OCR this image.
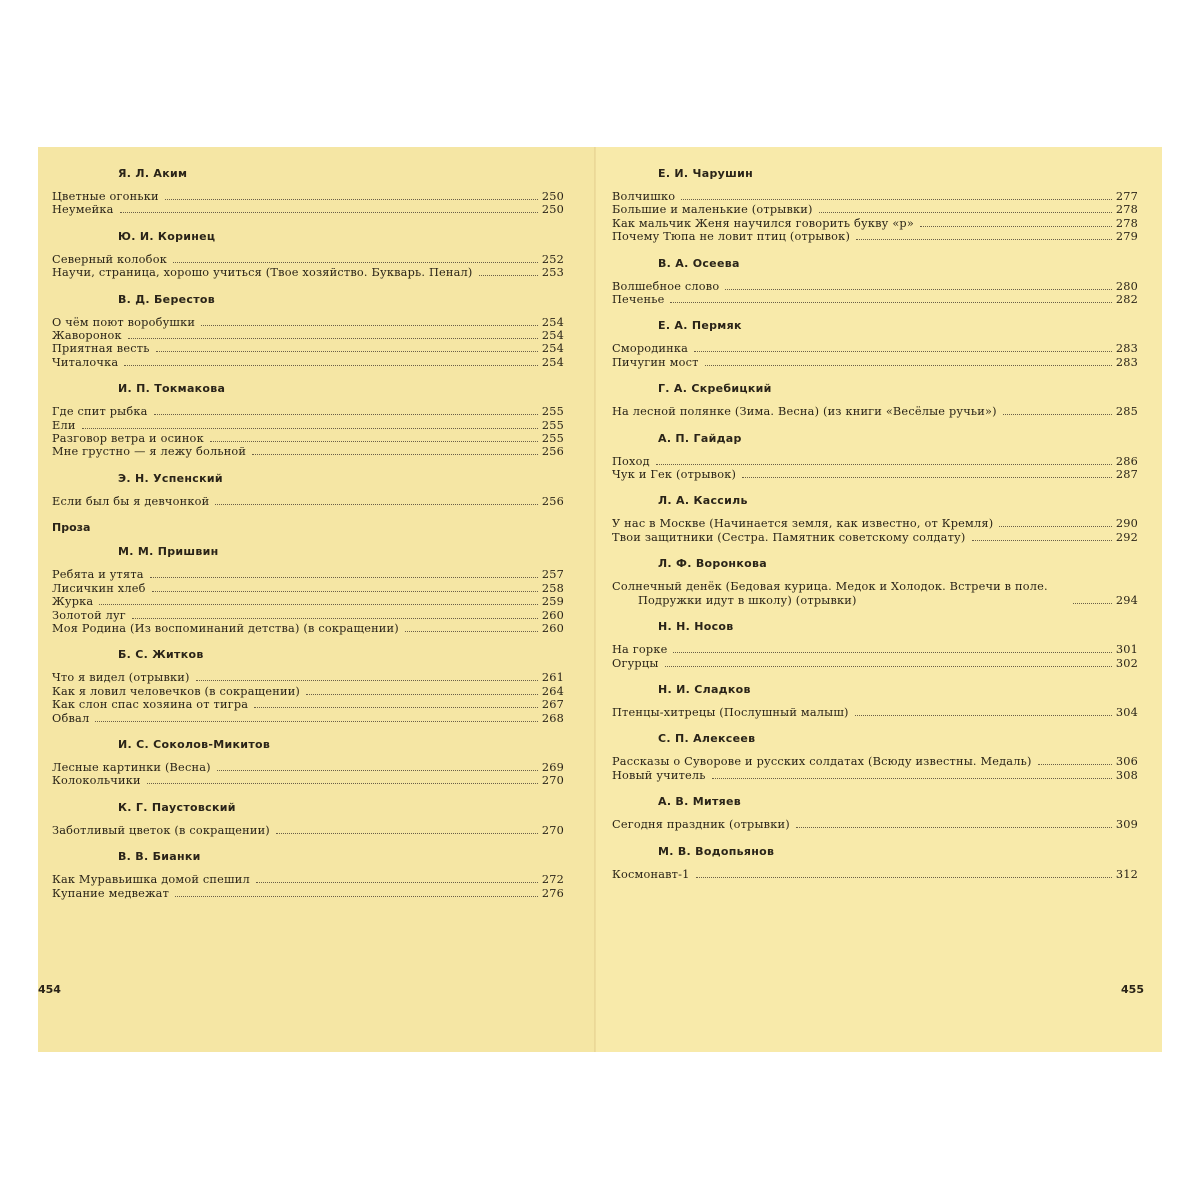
Я. Л. Аким
Цветные огоньки	250
Неумейка	250
Ю. И. Коринец
Северный колобок	252
Научи, страница, хорошо учиться (Твое хозяйство. Букварь. Пенал)	253
В. Д. Берестов
О чём поют воробушки	254
Жаворонок	254
Приятная весть	254
Читалочка	254
И. П. Токмакова
Где спит рыбка	255
Ели	255
Разговор ветра и осинок	255
Мне грустно — я лежу больной	256
Э. Н. Успенский
Если был бы я девчонкой	256
Проза
М. М. Пришвин
Ребята и утята	257
Лисичкин хлеб	258
Журка	259
Золотой луг	260
Моя Родина (Из воспоминаний детства) (в сокращении)	260
Б. С. Житков
Что я видел (отрывки)	261
Как я ловил человечков (в сокращении)	264
Как слон спас хозяина от тигра	267
Обвал	268
И. С. Соколов-Микитов
Лесные картинки (Весна)	269
Колокольчики	270
К. Г. Паустовский
Заботливый цветок (в сокращении)	270
В. В. Бианки
Как Муравьишка домой спешил	272
Купание медвежат	276
454
Е. И. Чарушин
Волчишко	277
Большие и маленькие (отрывки)	278
Как мальчик Женя научился говорить букву «р»	278
Почему Тюпа не ловит птиц (отрывок)	279
В. А. Осеева
Волшебное слово	280
Печенье	282
Е. А. Пермяк
Смородинка	283
Пичугин мост	283
Г. А. Скребицкий
На лесной полянке (Зима. Весна) (из книги «Весёлые ручьи»)	285
А. П. Гайдар
Поход	286
Чук и Гек (отрывок)	287
Л. А. Кассиль
У нас в Москве (Начинается земля, как известно, от Кремля)	290
Твои защитники (Сестра. Памятник советскому солдату)	292
Л. Ф. Воронкова
Солнечный денёк (Бедовая курица. Медок и Холодок. Встречи в поле.
Подружки идут в школу) (отрывки)	294
Н. Н. Носов
На горке	301
Огурцы	302
Н. И. Сладков
Птенцы-хитрецы (Послушный малыш)	304
С. П. Алексеев
Рассказы о Суворове и русских солдатах (Всюду известны. Медаль)	306
Новый учитель	308
А. В. Митяев
Сегодня праздник (отрывки)	309
М. В. Водопьянов
Космонавт-1	312
455
